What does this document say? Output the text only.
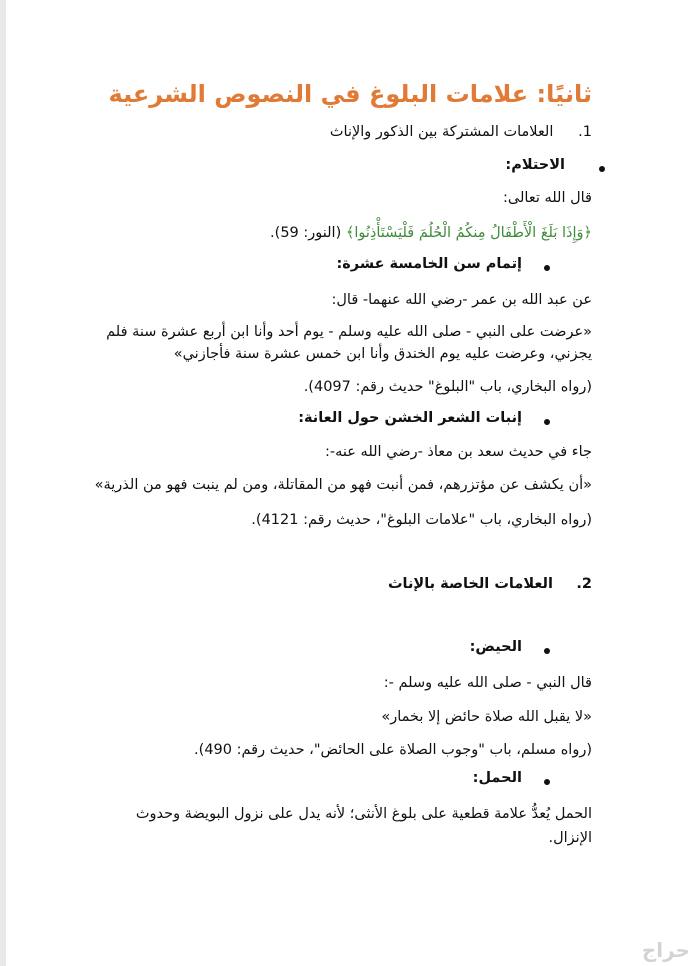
ثانيًا: علامات البلوغ في النصوص الشرعية
1. العلامات المشتركة بين الذكور والإناث
الاحتلام:
قال الله تعالى:
﴿وَإِذَا بَلَغَ الْأَطْفَالُ مِنكُمُ الْحُلُمَ فَلْيَسْتَأْذِنُوا﴾ (النور: 59).
إتمام سن الخامسة عشرة:
عن عبد الله بن عمر -رضي الله عنهما- قال:
«عرضت على النبي - صلى الله عليه وسلم - يوم أحد وأنا ابن أربع عشرة سنة فلم
يجزني، وعرضت عليه يوم الخندق وأنا ابن خمس عشرة سنة فأجازني»
(رواه البخاري، باب "البلوغ" حديث رقم: 4097).
إنبات الشعر الخشن حول العانة:
جاء في حديث سعد بن معاذ -رضي الله عنه-:
«أن يكشف عن مؤتزرهم، فمن أنبت فهو من المقاتلة، ومن لم ينبت فهو من الذرية»
(رواه البخاري، باب "علامات البلوغ"، حديث رقم: 4121).
2. العلامات الخاصة بالإناث
الحيض:
قال النبي - صلى الله عليه وسلم -:
«لا يقبل الله صلاة حائض إلا بخمار»
(رواه مسلم، باب "وجوب الصلاة على الحائض"، حديث رقم: 490).
الحمل:
الحمل يُعدُّ علامة قطعية على بلوغ الأنثى؛ لأنه يدل على نزول البويضة وحدوث
الإنزال.
حراج
